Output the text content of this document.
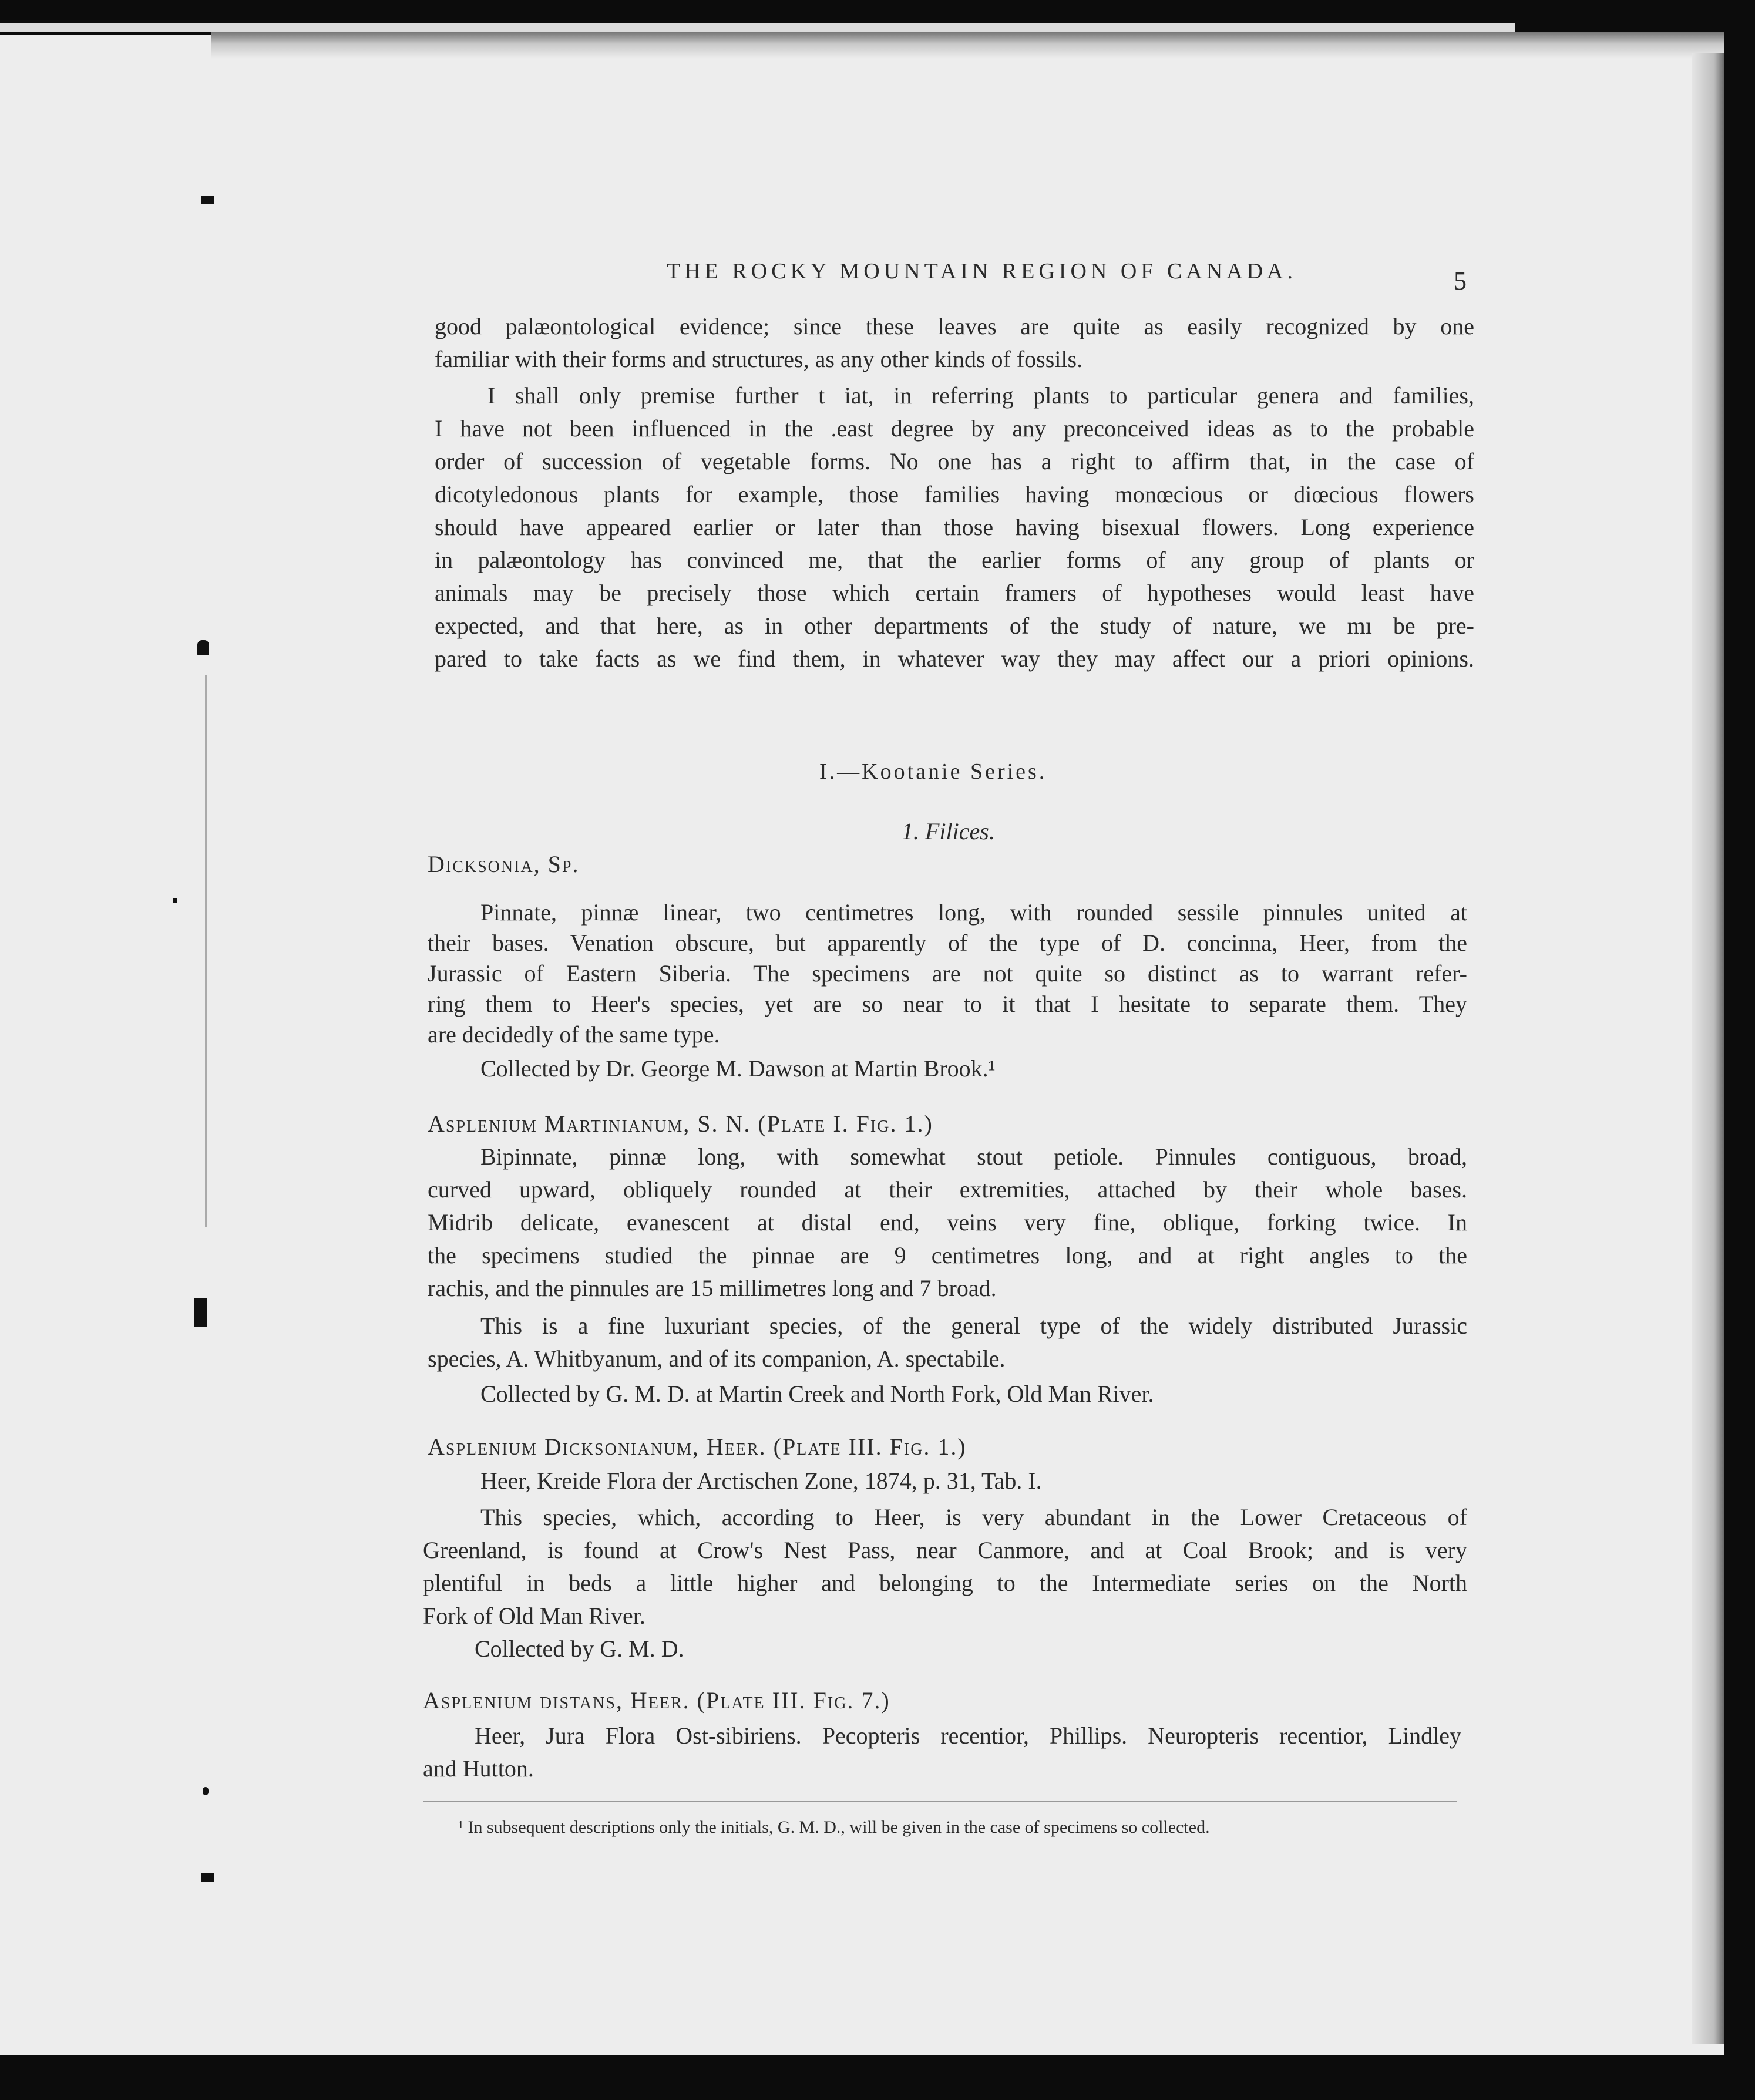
THE ROCKY MOUNTAIN REGION OF CANADA.	5
good palæontological evidence; since these leaves are quite as easily recognized by one
familiar with their forms and structures, as any other kinds of fossils.
I shall only premise further t iat, in referring plants to particular genera and families,
I have not been influenced in the .east degree by any preconceived ideas as to the probable
order of succession of vegetable forms. No one has a right to affirm that, in the case of
dicotyledonous plants for example, those families having monœcious or diœcious flowers
should have appeared earlier or later than those having bisexual flowers. Long experience
in palæontology has convinced me, that the earlier forms of any group of plants or
animals may be precisely those which certain framers of hypotheses would least have
expected, and that here, as in other departments of the study of nature, we mı be pre-
pared to take facts as we find them, in whatever way they may affect our a priori opinions.
I.—Kootanie Series.
1. Filices.
Dicksonia, Sp.
Pinnate, pinnæ linear, two centimetres long, with rounded sessile pinnules united at
their bases. Venation obscure, but apparently of the type of D. concinna, Heer, from the
Jurassic of Eastern Siberia. The specimens are not quite so distinct as to warrant refer-
ring them to Heer's species, yet are so near to it that I hesitate to separate them. They
are decidedly of the same type.
Collected by Dr. George M. Dawson at Martin Brook.¹
Asplenium Martinianum, S. N. (Plate I. Fig. 1.)
Bipinnate, pinnæ long, with somewhat stout petiole. Pinnules contiguous, broad,
curved upward, obliquely rounded at their extremities, attached by their whole bases.
Midrib delicate, evanescent at distal end, veins very fine, oblique, forking twice. In
the specimens studied the pinnae are 9 centimetres long, and at right angles to the
rachis, and the pinnules are 15 millimetres long and 7 broad.
This is a fine luxuriant species, of the general type of the widely distributed Jurassic
species, A. Whitbyanum, and of its companion, A. spectabile.
Collected by G. M. D. at Martin Creek and North Fork, Old Man River.
Asplenium Dicksonianum, Heer. (Plate III. Fig. 1.)
Heer, Kreide Flora der Arctischen Zone, 1874, p. 31, Tab. I.
This species, which, according to Heer, is very abundant in the Lower Cretaceous of
Greenland, is found at Crow's Nest Pass, near Canmore, and at Coal Brook; and is very
plentiful in beds a little higher and belonging to the Intermediate series on the North
Fork of Old Man River.
Collected by G. M. D.
Asplenium distans, Heer. (Plate III. Fig. 7.)
Heer, Jura Flora Ost-sibiriens. Pecopteris recentior, Phillips. Neuropteris recentior, Lindley
and Hutton.
¹ In subsequent descriptions only the initials, G. M. D., will be given in the case of specimens so collected.
